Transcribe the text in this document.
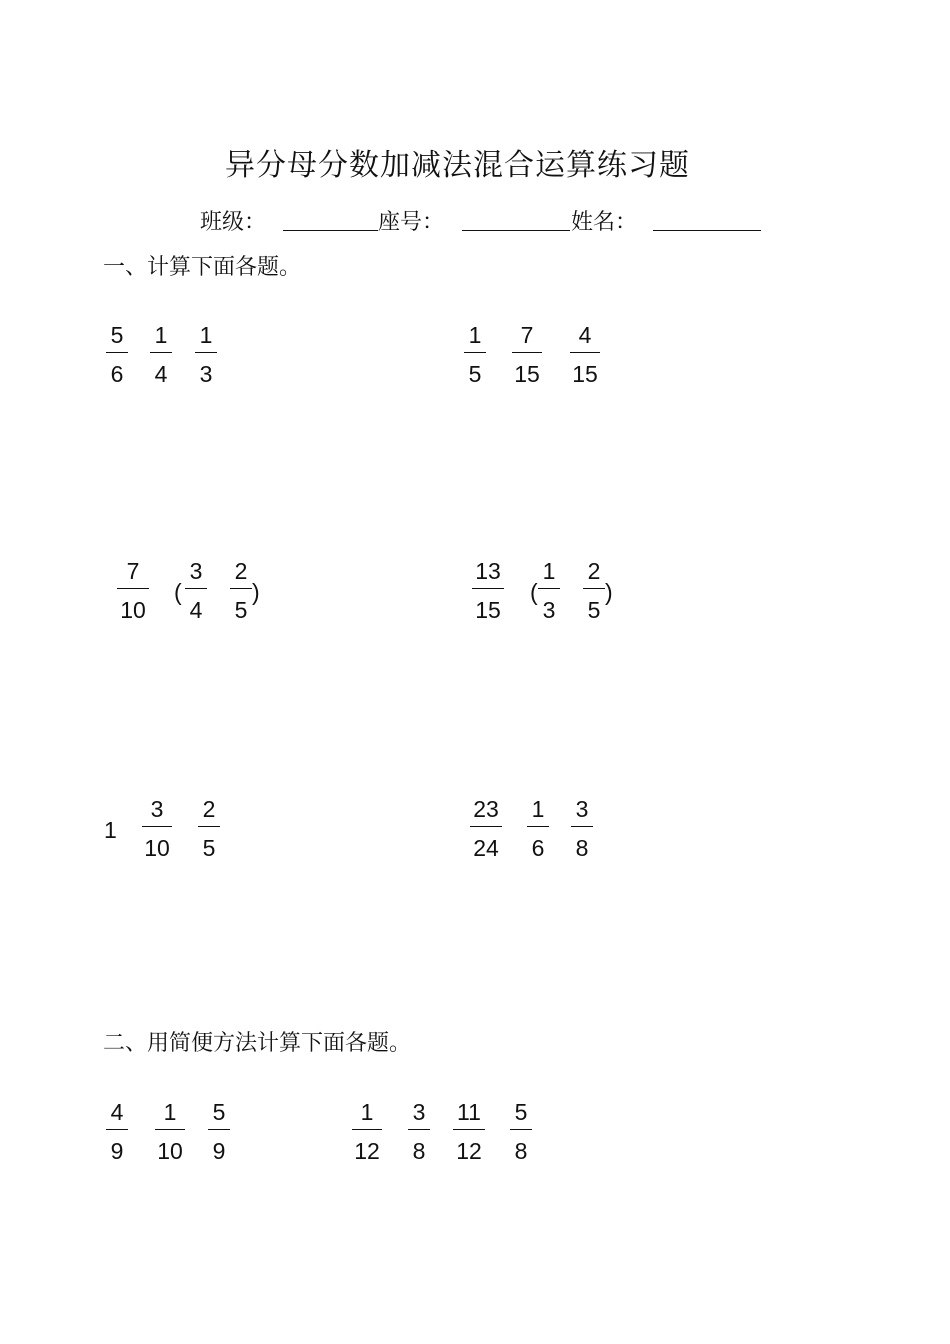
异分母分数加减法混合运算练习题
班级：	座号：	姓名：
一、计算下面各题。
5
6
1
4
1
3
1
5
7
15
4
15
7
10
(
3
4
2
5
)
13
15
(
1
3
2
5
)
1
3
10
2
5
23
24
1
6
3
8
二、用简便方法计算下面各题。
4
9
1
10
5
9
1
12
3
8
11
12
5
8
